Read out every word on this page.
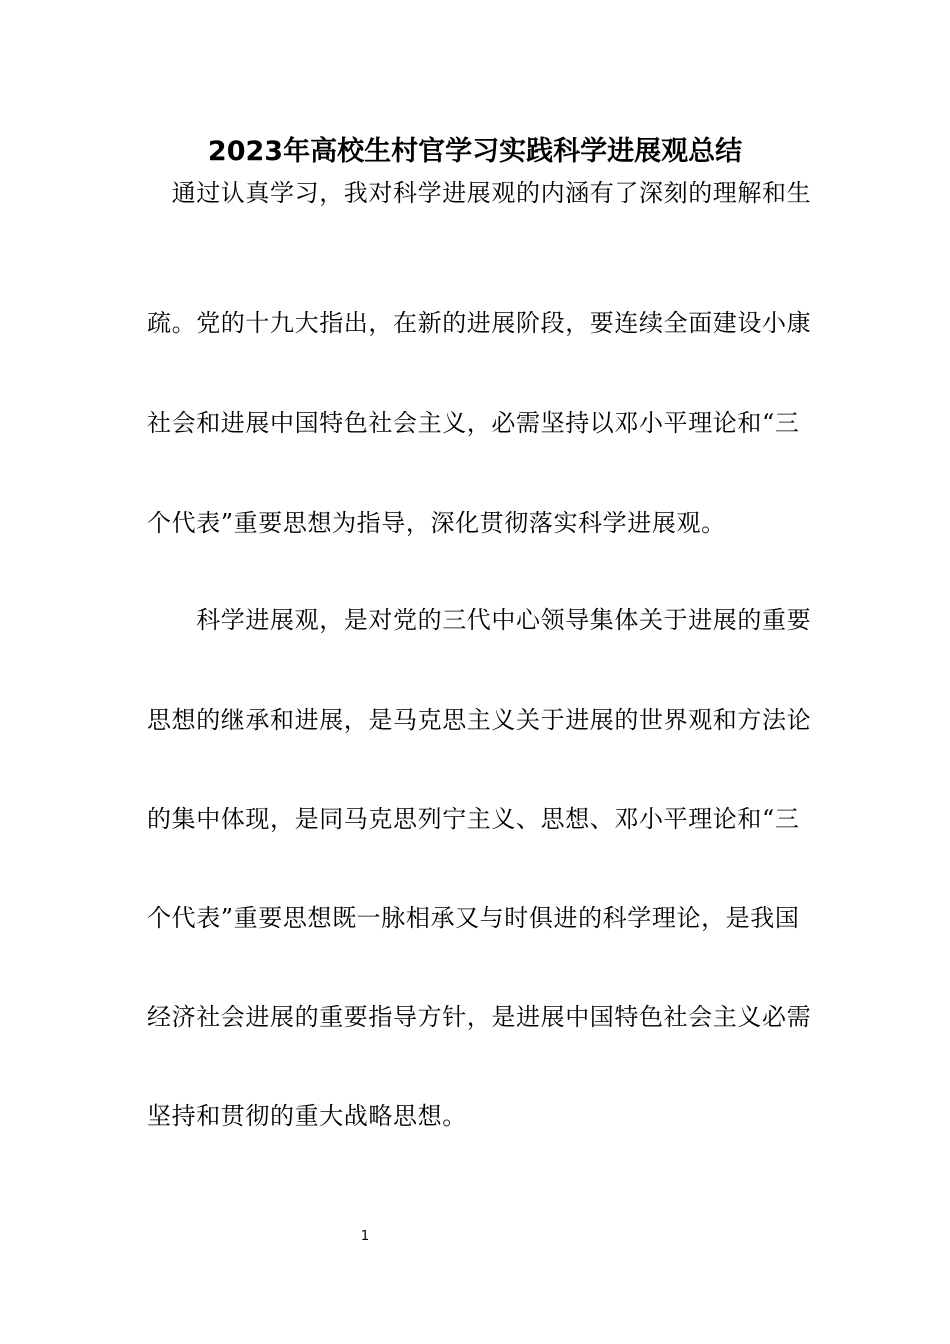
2023年高校生村官学习实践科学进展观总结
　通过认真学习，我对科学进展观的内涵有了深刻的理解和生
疏。党的十九大指出，在新的进展阶段，要连续全面建设小康
社会和进展中国特色社会主义，必需坚持以邓小平理论和“三
个代表”重要思想为指导，深化贯彻落实科学进展观。
　　科学进展观，是对党的三代中心领导集体关于进展的重要
思想的继承和进展，是马克思主义关于进展的世界观和方法论
的集中体现，是同马克思列宁主义、思想、邓小平理论和“三
个代表”重要思想既一脉相承又与时俱进的科学理论，是我国
经济社会进展的重要指导方针，是进展中国特色社会主义必需
坚持和贯彻的重大战略思想。
1
